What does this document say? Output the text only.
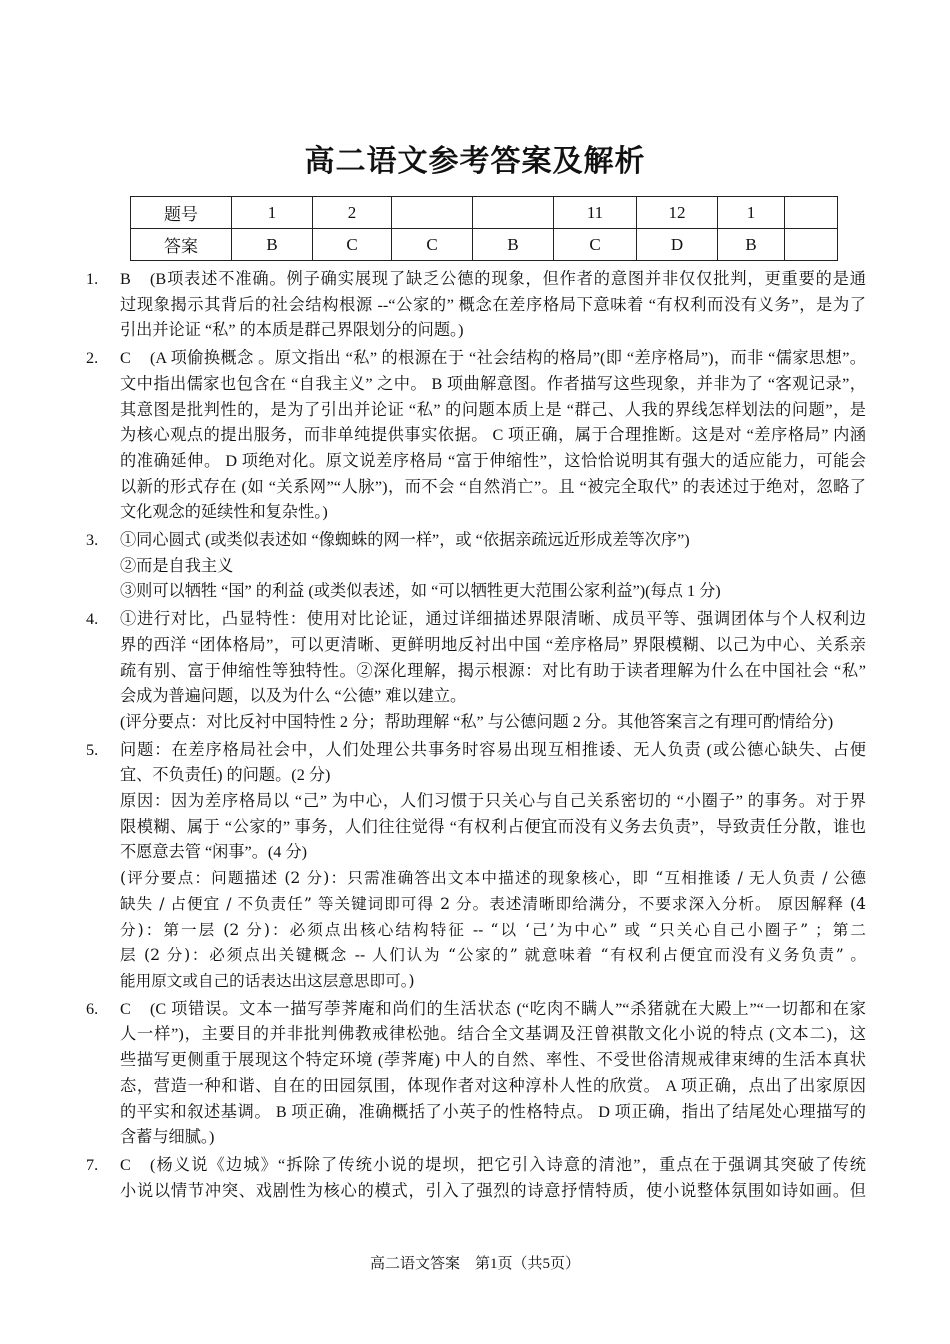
高二语文参考答案及解析
题号	1	2			11	12	1	
答案	B	C	C	B	C	D	B	
1. B (B项表述不准确。例子确实展现了缺乏公德的现象，但作者的意图并非仅仅批判，更重要的是通
过现象揭示其背后的社会结构根源 --“公家的” 概念在差序格局下意味着 “有权利而没有义务”，是为了
引出并论证 “私” 的本质是群己界限划分的问题。)
2. C (A 项偷换概念 。原文指出 “私” 的根源在于 “社会结构的格局”(即 “差序格局”)，而非 “儒家思想”。
文中指出儒家也包含在 “自我主义” 之中。 B 项曲解意图。作者描写这些现象，并非为了 “客观记录”，
其意图是批判性的，是为了引出并论证 “私” 的问题本质上是 “群己、人我的界线怎样划法的问题”，是
为核心观点的提出服务，而非单纯提供事实依据。 C 项正确，属于合理推断。这是对 “差序格局” 内涵
的准确延伸。 D 项绝对化。原文说差序格局 “富于伸缩性”，这恰恰说明其有强大的适应能力，可能会
以新的形式存在 (如 “关系网”“人脉”)，而不会 “自然消亡”。且 “被完全取代” 的表述过于绝对，忽略了
文化观念的延续性和复杂性。)
3. ①同心圆式 (或类似表述如 “像蜘蛛的网一样”，或 “依据亲疏远近形成差等次序”)
②而是自我主义
③则可以牺牲 “国” 的利益 (或类似表述，如 “可以牺牲更大范围公家利益”)(每点 1 分)
4. ①进行对比，凸显特性：使用对比论证，通过详细描述界限清晰、成员平等、强调团体与个人权利边
界的西洋 “团体格局”，可以更清晰、更鲜明地反衬出中国 “差序格局” 界限模糊、以己为中心、关系亲
疏有别、富于伸缩性等独特性。②深化理解，揭示根源：对比有助于读者理解为什么在中国社会 “私”
会成为普遍问题，以及为什么 “公德” 难以建立。
(评分要点：对比反衬中国特性 2 分；帮助理解 “私” 与公德问题 2 分。其他答案言之有理可酌情给分)
5. 问题：在差序格局社会中，人们处理公共事务时容易出现互相推诿、无人负责 (或公德心缺失、占便
宜、不负责任) 的问题。(2 分)
原因：因为差序格局以 “己” 为中心，人们习惯于只关心与自己关系密切的 “小圈子” 的事务。对于界
限模糊、属于 “公家的” 事务，人们往往觉得 “有权利占便宜而没有义务去负责”，导致责任分散，谁也
不愿意去管 “闲事”。(4 分)
(评分要点：问题描述 (2 分)：只需准确答出文本中描述的现象核心，即 “互相推诿 / 无人负责 / 公德
缺失 / 占便宜 / 不负责任” 等关键词即可得 2 分。表述清晰即给满分，不要求深入分析。 原因解释 (4
分)：第一层 (2 分)：必须点出核心结构特征 -- “以 ‘己’为中心” 或 “只关心自己小圈子” ；第二
层 (2 分)：必须点出关键概念 -- 人们认为 “公家的” 就意味着 “有权利占便宜而没有义务负责” 。
能用原文或自己的话表达出这层意思即可。)
6. C (C 项错误。文本一描写荸荠庵和尚们的生活状态 (“吃肉不瞒人”“杀猪就在大殿上”“一切都和在家
人一样”)，主要目的并非批判佛教戒律松弛。结合全文基调及汪曾祺散文化小说的特点 (文本二)，这
些描写更侧重于展现这个特定环境 (荸荠庵) 中人的自然、率性、不受世俗清规戒律束缚的生活本真状
态，营造一种和谐、自在的田园氛围，体现作者对这种淳朴人性的欣赏。 A 项正确，点出了出家原因
的平实和叙述基调。 B 项正确，准确概括了小英子的性格特点。 D 项正确，指出了结尾处心理描写的
含蓄与细腻。)
7. C (杨义说《边城》“拆除了传统小说的堤坝，把它引入诗意的清池”，重点在于强调其突破了传统
小说以情节冲突、戏剧性为核心的模式，引入了强烈的诗意抒情特质，使小说整体氛围如诗如画。但
高二语文答案　第1页（共5页）
